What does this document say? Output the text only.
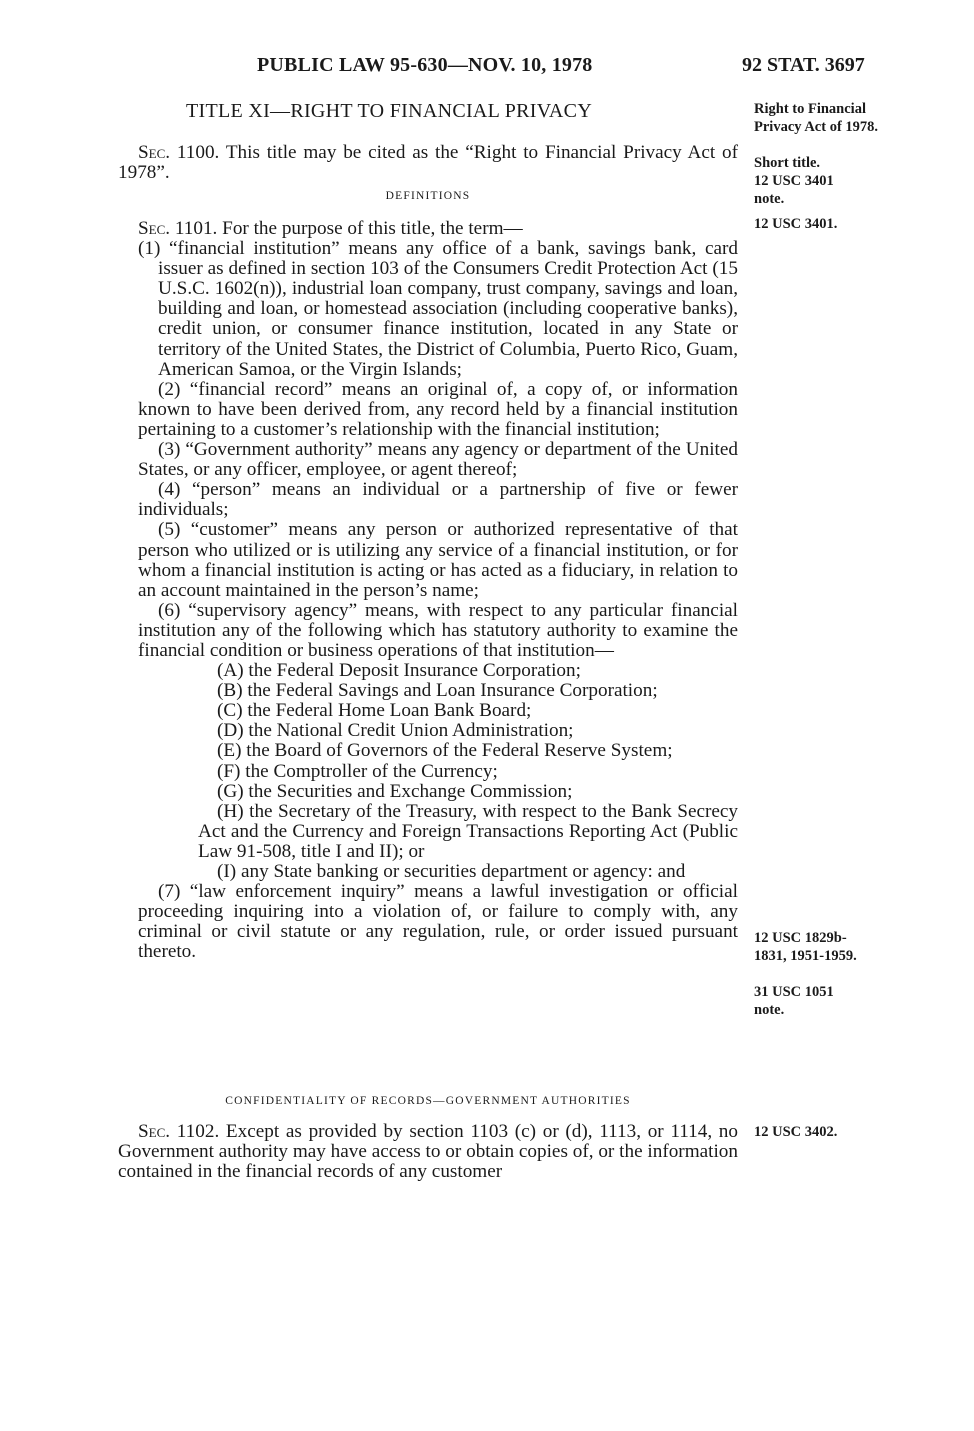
PUBLIC LAW 95-630—NOV. 10, 1978	92 STAT. 3697
TITLE XI—RIGHT TO FINANCIAL PRIVACY

Sec. 1100. This title may be cited as the “Right to Financial Privacy Act of 1978”.

DEFINITIONS

Sec. 1101. For the purpose of this title, the term—

(1) “financial institution” means any office of a bank, savings bank, card issuer as defined in section 103 of the Consumers Credit Protection Act (15 U.S.C. 1602(n)), industrial loan company, trust company, savings and loan, building and loan, or homestead association (including cooperative banks), credit union, or consumer finance institution, located in any State or territory of the United States, the District of Columbia, Puerto Rico, Guam, American Samoa, or the Virgin Islands;

(2) “financial record” means an original of, a copy of, or information known to have been derived from, any record held by a financial institution pertaining to a customer’s relationship with the financial institution;

(3) “Government authority” means any agency or department of the United States, or any officer, employee, or agent thereof;

(4) “person” means an individual or a partnership of five or fewer individuals;

(5) “customer” means any person or authorized representative of that person who utilized or is utilizing any service of a financial institution, or for whom a financial institution is acting or has acted as a fiduciary, in relation to an account maintained in the person’s name;

(6) “supervisory agency” means, with respect to any particular financial institution any of the following which has statutory authority to examine the financial condition or business operations of that institution—

(A) the Federal Deposit Insurance Corporation;

(B) the Federal Savings and Loan Insurance Corporation;

(C) the Federal Home Loan Bank Board;

(D) the National Credit Union Administration;

(E) the Board of Governors of the Federal Reserve System;

(F) the Comptroller of the Currency;

(G) the Securities and Exchange Commission;

(H) the Secretary of the Treasury, with respect to the Bank Secrecy Act and the Currency and Foreign Transactions Reporting Act (Public Law 91-508, title I and II); or

(I) any State banking or securities department or agency: and

(7) “law enforcement inquiry” means a lawful investigation or official proceeding inquiring into a violation of, or failure to comply with, any criminal or civil statute or any regulation, rule, or order issued pursuant thereto.

CONFIDENTIALITY OF RECORDS—GOVERNMENT AUTHORITIES

Sec. 1102. Except as provided by section 1103 (c) or (d), 1113, or 1114, no Government authority may have access to or obtain copies of, or the information contained in the financial records of any customer

Right to Financial Privacy Act of 1978.
Short title.
12 USC 3401 note.
12 USC 3401.
12 USC 1829b-1831, 1951-1959.
31 USC 1051 note.
12 USC 3402.
